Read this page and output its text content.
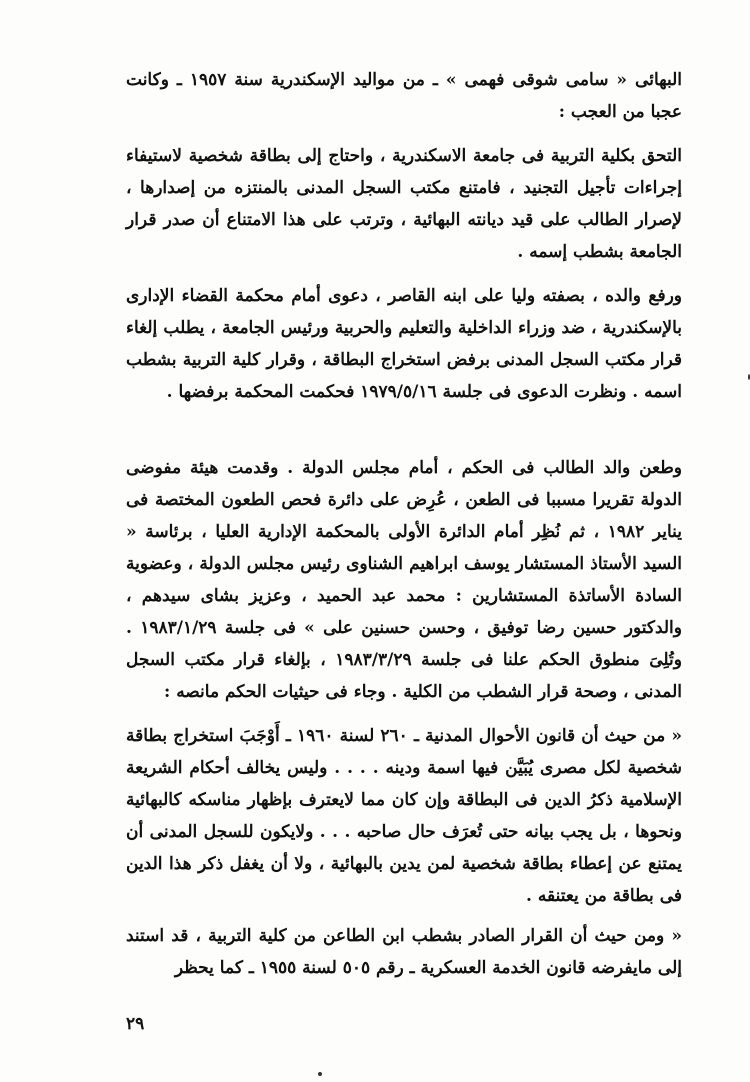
البهائى « سامى شوقى فهمى » ـ من مواليد الإسكندرية سنة ١٩٥٧ ـ وكانت عجبا من العجب :

التحق بكلية التربية فى جامعة الاسكندرية ، واحتاج إلى بطاقة شخصية لاستيفاء إجراءات تأجيل التجنيد ، فامتنع مكتب السجل المدنى بالمنتزه من إصدارها ، لإصرار الطالب على قيد ديانته البهائية ، وترتب على هذا الامتناع أن صدر قرار الجامعة بشطب إسمه .

ورفع والده ، بصفته وليا على ابنه القاصر ، دعوى أمام محكمة القضاء الإدارى بالإسكندرية ، ضد وزراء الداخلية والتعليم والحربية ورئيس الجامعة ، يطلب إلغاء قرار مكتب السجل المدنى برفض استخراج البطاقة ، وقرار كلية التربية بشطب اسمه . ونظرت الدعوى فى جلسة ١٩٧٩/٥/١٦ فحكمت المحكمة برفضها .

وطعن والد الطالب فى الحكم ، أمام مجلس الدولة . وقدمت هيئة مفوضى الدولة تقريرا مسببا فى الطعن ، عُرِض على دائرة فحص الطعون المختصة فى يناير ١٩٨٢ ، ثم نُظِر أمام الدائرة الأولى بالمحكمة الإدارية العليا ، برئاسة « السيد الأستاذ المستشار يوسف ابراهيم الشناوى رئيس مجلس الدولة ، وعضوية السادة الأساتذة المستشارين : محمد عبد الحميد ، وعزيز بشاى سيدهم ، والدكتور حسين رضا توفيق ، وحسن حسنين على » فى جلسة ١٩٨٣/١/٢٩ . وتُلِىَ منطوق الحكم علنا فى جلسة ١٩٨٣/٣/٢٩ ، بإلغاء قرار مكتب السجل المدنى ، وصحة قرار الشطب من الكلية . وجاء فى حيثيات الحكم مانصه :

« من حيث أن قانون الأحوال المدنية ـ ٢٦٠ لسنة ١٩٦٠ ـ أَوْجَبَ استخراج بطاقة شخصية لكل مصرى يُبَيَّن فيها اسمة ودينه . . . . وليس يخالف أحكام الشريعة الإسلامية ذكرُ الدين فى البطاقة وإن كان مما لايعترف بإظهار مناسكه كالبهائية ونحوها ، بل يجب بيانه حتى تُعرَف حال صاحبه . . . ولايكون للسجل المدنى أن يمتنع عن إعطاء بطاقة شخصية لمن يدين بالبهائية ، ولا أن يغفل ذكر هذا الدين فى بطاقة من يعتنقه .

« ومن حيث أن القرار الصادر بشطب ابن الطاعن من كلية التربية ، قد استند إلى مايفرضه قانون الخدمة العسكرية ـ رقم ٥٠٥ لسنة ١٩٥٥ ـ كما يحظر

٢٩
